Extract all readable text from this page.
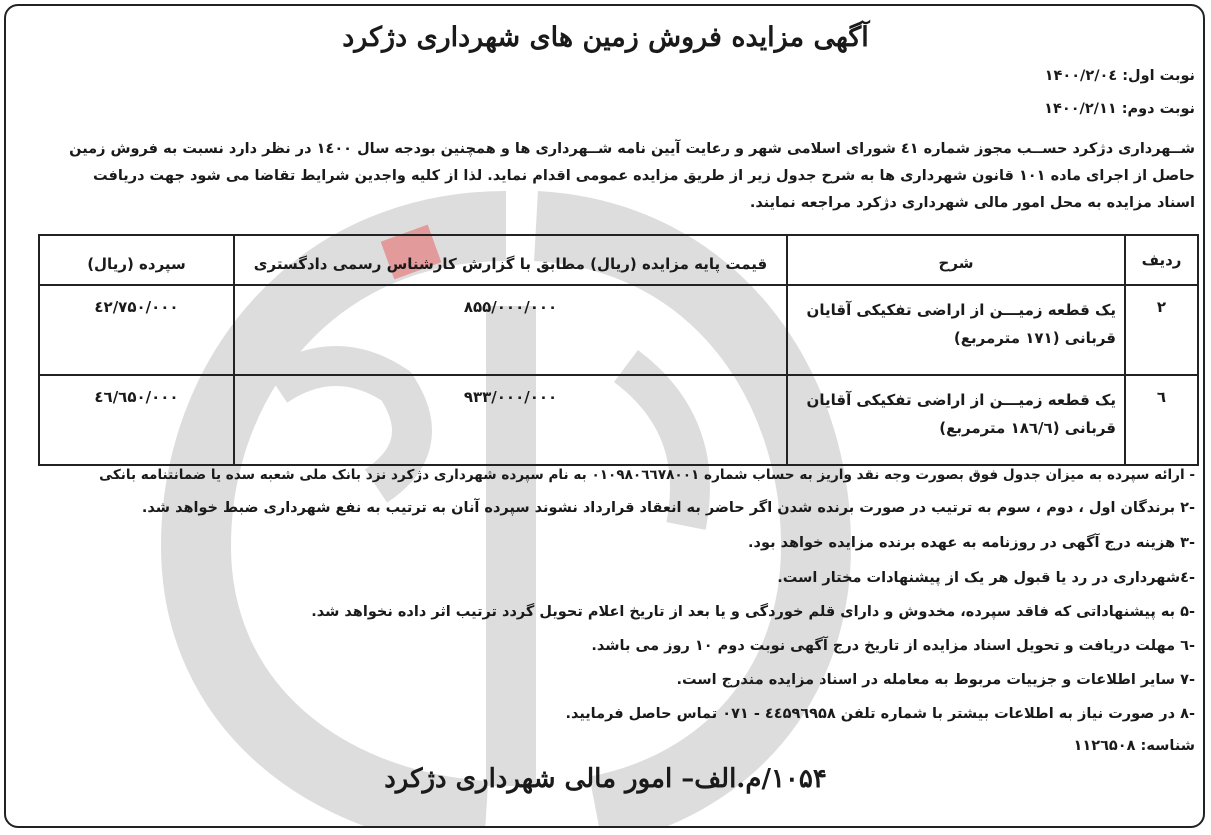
آگهی مزایده فروش زمین های شهرداری دژکرد
نوبت اول: ۱۴۰۰/۲/۰٤
نوبت دوم: ۱۴۰۰/۲/۱۱
شــهرداری دژکرد حســب مجوز شماره ٤۱ شورای اسلامی شهر و رعایت آیین نامه شــهرداری ها و همچنین بودجه سال ۱٤۰۰ در نظر دارد نسبت به فروش زمین
حاصل از اجرای ماده ۱۰۱ قانون شهرداری ها به شرح جدول زیر از طریق مزایده عمومی اقدام نماید. لذا از کلیه واجدین شرایط تقاضا می شود جهت دریافت
اسناد مزایده به محل امور مالی شهرداری دژکرد مراجعه نمایند.
ردیف	شرح	قیمت پایه مزایده (ریال) مطابق با گزارش کارشناس رسمی دادگستری	سپرده (ریال)
۲	یک قطعه زمیـــن از اراضی تفکیکی آقایان
قربانی (۱۷۱ مترمربع)	۸۵۵/۰۰۰/۰۰۰	٤۲/۷۵۰/۰۰۰
٦	یک قطعه زمیـــن از اراضی تفکیکی آقایان
قربانی (۱۸٦/٦ مترمربع)	۹۳۳/۰۰۰/۰۰۰	٤٦/٦۵۰/۰۰۰
- ارائه سپرده به میزان جدول فوق بصورت وجه نقد واریز به حساب شماره ۰۱۰۹۸۰٦٦۷۸۰۰۱ به نام سپرده شهرداری دژکرد نزد بانک ملی شعبه سده یا ضمانتنامه بانکی
-۲ برندگان اول ، دوم ، سوم به ترتیب در صورت برنده شدن اگر حاضر به انعقاد قرارداد نشوند سپرده آنان به ترتیب به نفع شهرداری ضبط خواهد شد.
-۳ هزینه درج آگهی در روزنامه به عهده برنده مزایده خواهد بود.
-٤شهرداری در رد یا قبول هر یک از پیشنهادات مختار است.
-۵ به پیشنهاداتی که فاقد سپرده، مخدوش و دارای قلم خوردگی و یا بعد از تاریخ اعلام تحویل گردد ترتیب اثر داده نخواهد شد.
-٦ مهلت دریافت و تحویل اسناد مزایده از تاریخ درج آگهی نوبت دوم ۱۰ روز می باشد.
-۷ سایر اطلاعات و جزییات مربوط به معامله در اسناد مزایده مندرج است.
-۸ در صورت نیاز به اطلاعات بیشتر با شماره تلفن ٤٤۵۹٦۹۵۸ - ۰۷۱ تماس حاصل فرمایید.
شناسه: ۱۱۲٦۵۰۸
۱۰۵۴/م.الف– امور مالی شهرداری دژکرد
